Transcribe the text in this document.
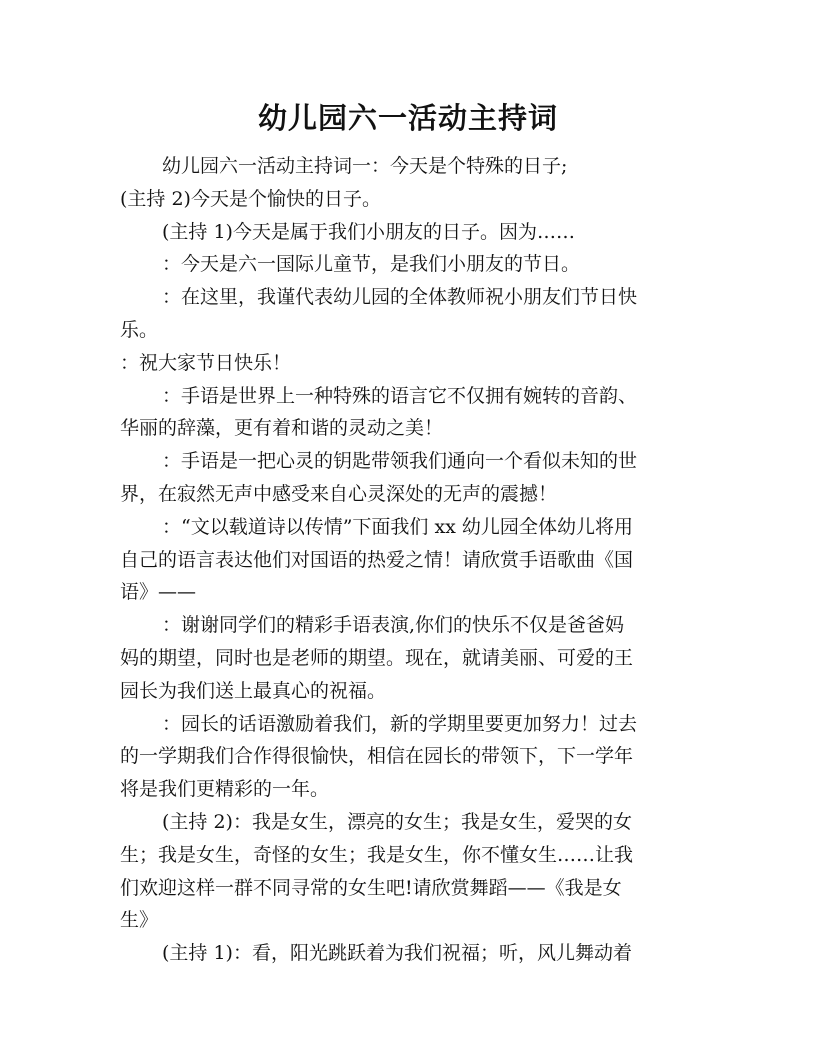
幼儿园六一活动主持词
幼儿园六一活动主持词一：今天是个特殊的日子;
(主持 2)今天是个愉快的日子。
(主持 1)今天是属于我们小朋友的日子。因为……
：今天是六一国际儿童节，是我们小朋友的节日。
：在这里，我谨代表幼儿园的全体教师祝小朋友们节日快
乐。
：祝大家节日快乐！
：手语是世界上一种特殊的语言它不仅拥有婉转的音韵、
华丽的辞藻，更有着和谐的灵动之美！
：手语是一把心灵的钥匙带领我们通向一个看似未知的世
界，在寂然无声中感受来自心灵深处的无声的震撼！
：“文以载道诗以传情”下面我们 xx 幼儿园全体幼儿将用
自己的语言表达他们对国语的热爱之情！请欣赏手语歌曲《国
语》——
：谢谢同学们的精彩手语表演,你们的快乐不仅是爸爸妈
妈的期望，同时也是老师的期望。现在，就请美丽、可爱的王
园长为我们送上最真心的祝福。
：园长的话语激励着我们，新的学期里要更加努力！过去
的一学期我们合作得很愉快，相信在园长的带领下，下一学年
将是我们更精彩的一年。
(主持 2)：我是女生，漂亮的女生；我是女生，爱哭的女
生；我是女生，奇怪的女生；我是女生，你不懂女生……让我
们欢迎这样一群不同寻常的女生吧!请欣赏舞蹈——《我是女
生》
(主持 1)：看，阳光跳跃着为我们祝福；听，风儿舞动着
